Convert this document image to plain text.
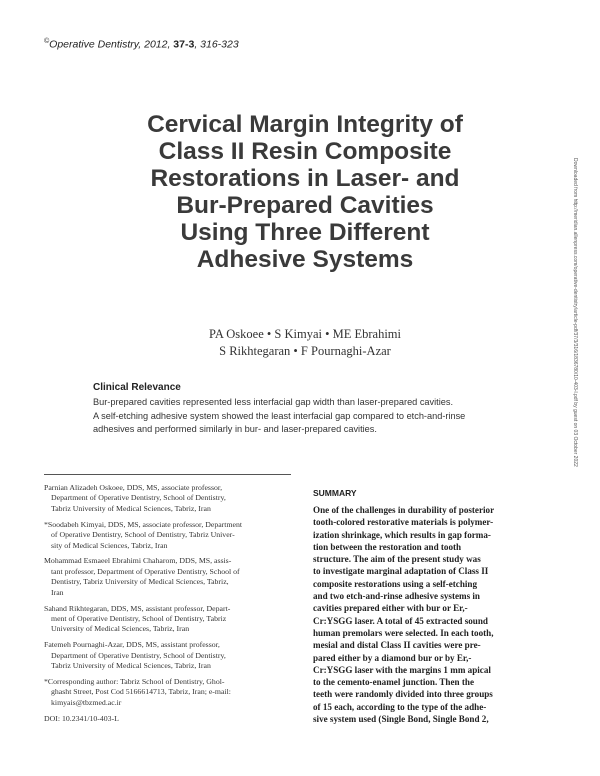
©Operative Dentistry, 2012, 37-3, 316-323
Cervical Margin Integrity of
Class II Resin Composite
Restorations in Laser- and
Bur-Prepared Cavities
Using Three Different
Adhesive Systems
PA Oskoee • S Kimyai • ME Ebrahimi
S Rikhtegaran • F Pournaghi-Azar
Clinical Relevance
Bur-prepared cavities represented less interfacial gap width than laser-prepared cavities.
A self-etching adhesive system showed the least interfacial gap compared to etch-and-rinse
adhesives and performed similarly in bur- and laser-prepared cavities.
Parnian Alizadeh Oskoee, DDS, MS, associate professor,
Department of Operative Dentistry, School of Dentistry,
Tabriz University of Medical Sciences, Tabriz, Iran
*Soodabeh Kimyai, DDS, MS, associate professor, Department
of Operative Dentistry, School of Dentistry, Tabriz Univer-
sity of Medical Sciences, Tabriz, Iran
Mohammad Esmaeel Ebrahimi Chaharom, DDS, MS, assis-
tant professor, Department of Operative Dentistry, School of
Dentistry, Tabriz University of Medical Sciences, Tabriz,
Iran
Sahand Rikhtegaran, DDS, MS, assistant professor, Depart-
ment of Operative Dentistry, School of Dentistry, Tabriz
University of Medical Sciences, Tabriz, Iran
Fatemeh Pournaghi-Azar, DDS, MS, assistant professor,
Department of Operative Dentistry, School of Dentistry,
Tabriz University of Medical Sciences, Tabriz, Iran
*Corresponding author: Tabriz School of Dentistry, Ghol-
ghasht Street, Post Cod 5166614713, Tabriz, Iran; e-mail:
kimyais@tbzmed.ac.ir
DOI: 10.2341/10-403-L
SUMMARY
One of the challenges in durability of posterior
tooth-colored restorative materials is polymer-
ization shrinkage, which results in gap forma-
tion between the restoration and tooth
structure. The aim of the present study was
to investigate marginal adaptation of Class II
composite restorations using a self-etching
and two etch-and-rinse adhesive systems in
cavities prepared either with bur or Er,-
Cr:YSGG laser. A total of 45 extracted sound
human premolars were selected. In each tooth,
mesial and distal Class II cavities were pre-
pared either by a diamond bur or by Er,-
Cr:YSGG laser with the margins 1 mm apical
to the cemento-enamel junction. Then the
teeth were randomly divided into three groups
of 15 each, according to the type of the adhe-
sive system used (Single Bond, Single Bond 2,
Downloaded from http://meridian.allenpress.com/operative-dentistry/article-pdf/37/3/316/1836780/10-403-l.pdf by guest on 03 October 2022
